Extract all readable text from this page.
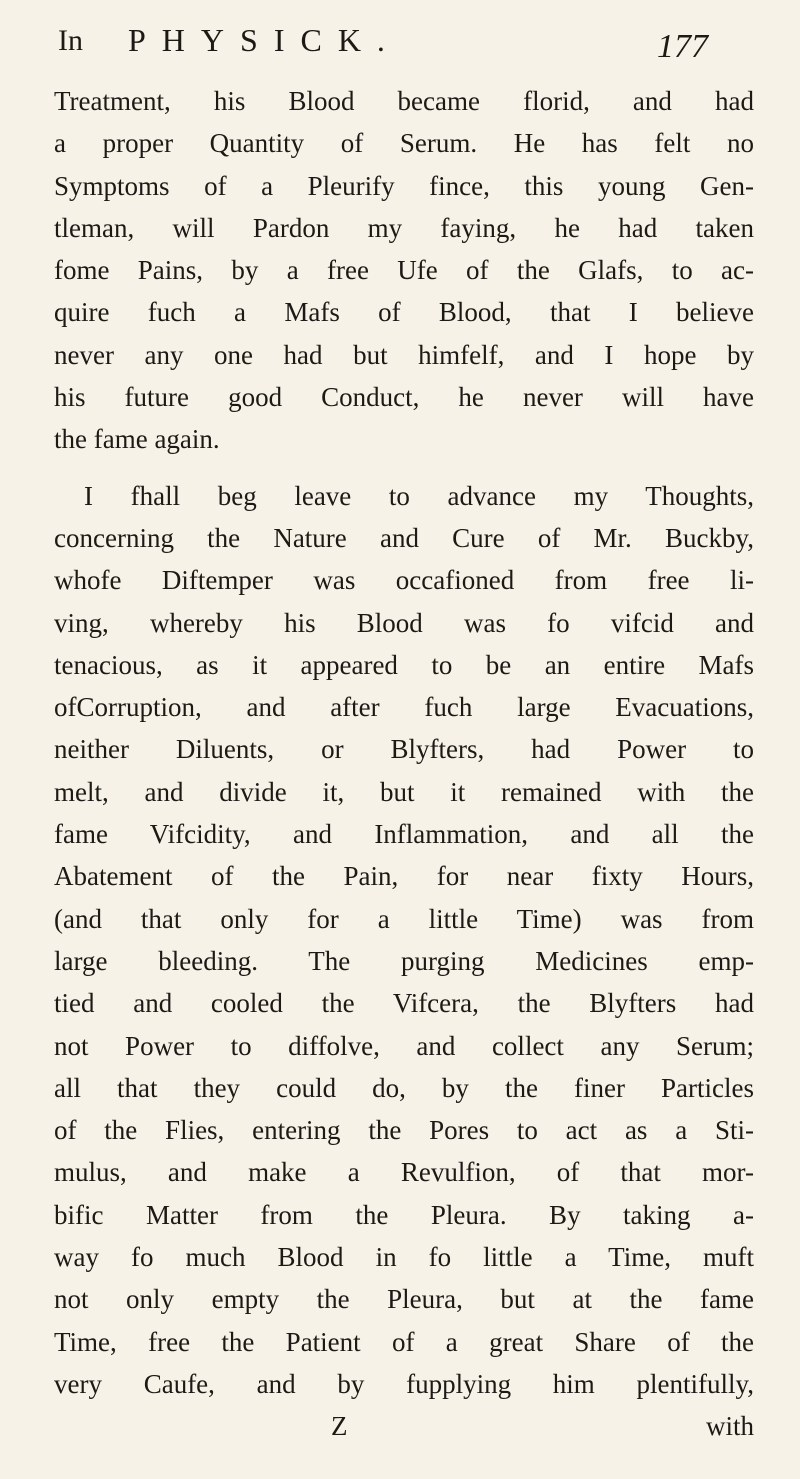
In PHYSICK.	177
Treatment, his Blood became florid, and had
a proper Quantity of Serum. He has felt no
Symptoms of a Pleurify fince, this young Gen-
tleman, will Pardon my faying, he had taken
fome Pains, by a free Ufe of the Glafs, to ac-
quire fuch a Mafs of Blood, that I believe
never any one had but himfelf, and I hope by
his future good Conduct, he never will have
the fame again.
I fhall beg leave to advance my Thoughts,
concerning the Nature and Cure of Mr. Buckby,
whofe Diftemper was occafioned from free li-
ving, whereby his Blood was fo vifcid and
tenacious, as it appeared to be an entire Mafs
ofCorruption, and after fuch large Evacuations,
neither Diluents, or Blyfters, had Power to
melt, and divide it, but it remained with the
fame Vifcidity, and Inflammation, and all the
Abatement of the Pain, for near fixty Hours,
(and that only for a little Time) was from
large bleeding. The purging Medicines emp-
tied and cooled the Vifcera, the Blyfters had
not Power to diffolve, and collect any Serum;
all that they could do, by the finer Particles
of the Flies, entering the Pores to act as a Sti-
mulus, and make a Revulfion, of that mor-
bific Matter from the Pleura. By taking a-
way fo much Blood in fo little a Time, muft
not only empty the Pleura, but at the fame
Time, free the Patient of a great Share of the
very Caufe, and by fupplying him plentifully,
Z	with
